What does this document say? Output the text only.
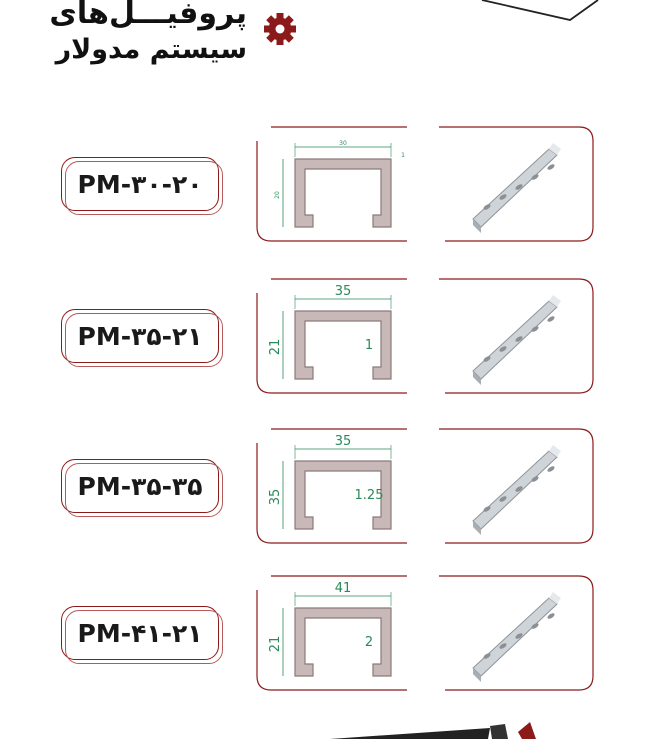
پروفیـــل‌های
سیستم مدولار
PM-۳۰-۲۰
30
20
1
PM-۳۵-۲۱
35
21	1
PM-۳۵-۳۵
35
35	1.25
PM-۴۱-۲۱
41
21	2
